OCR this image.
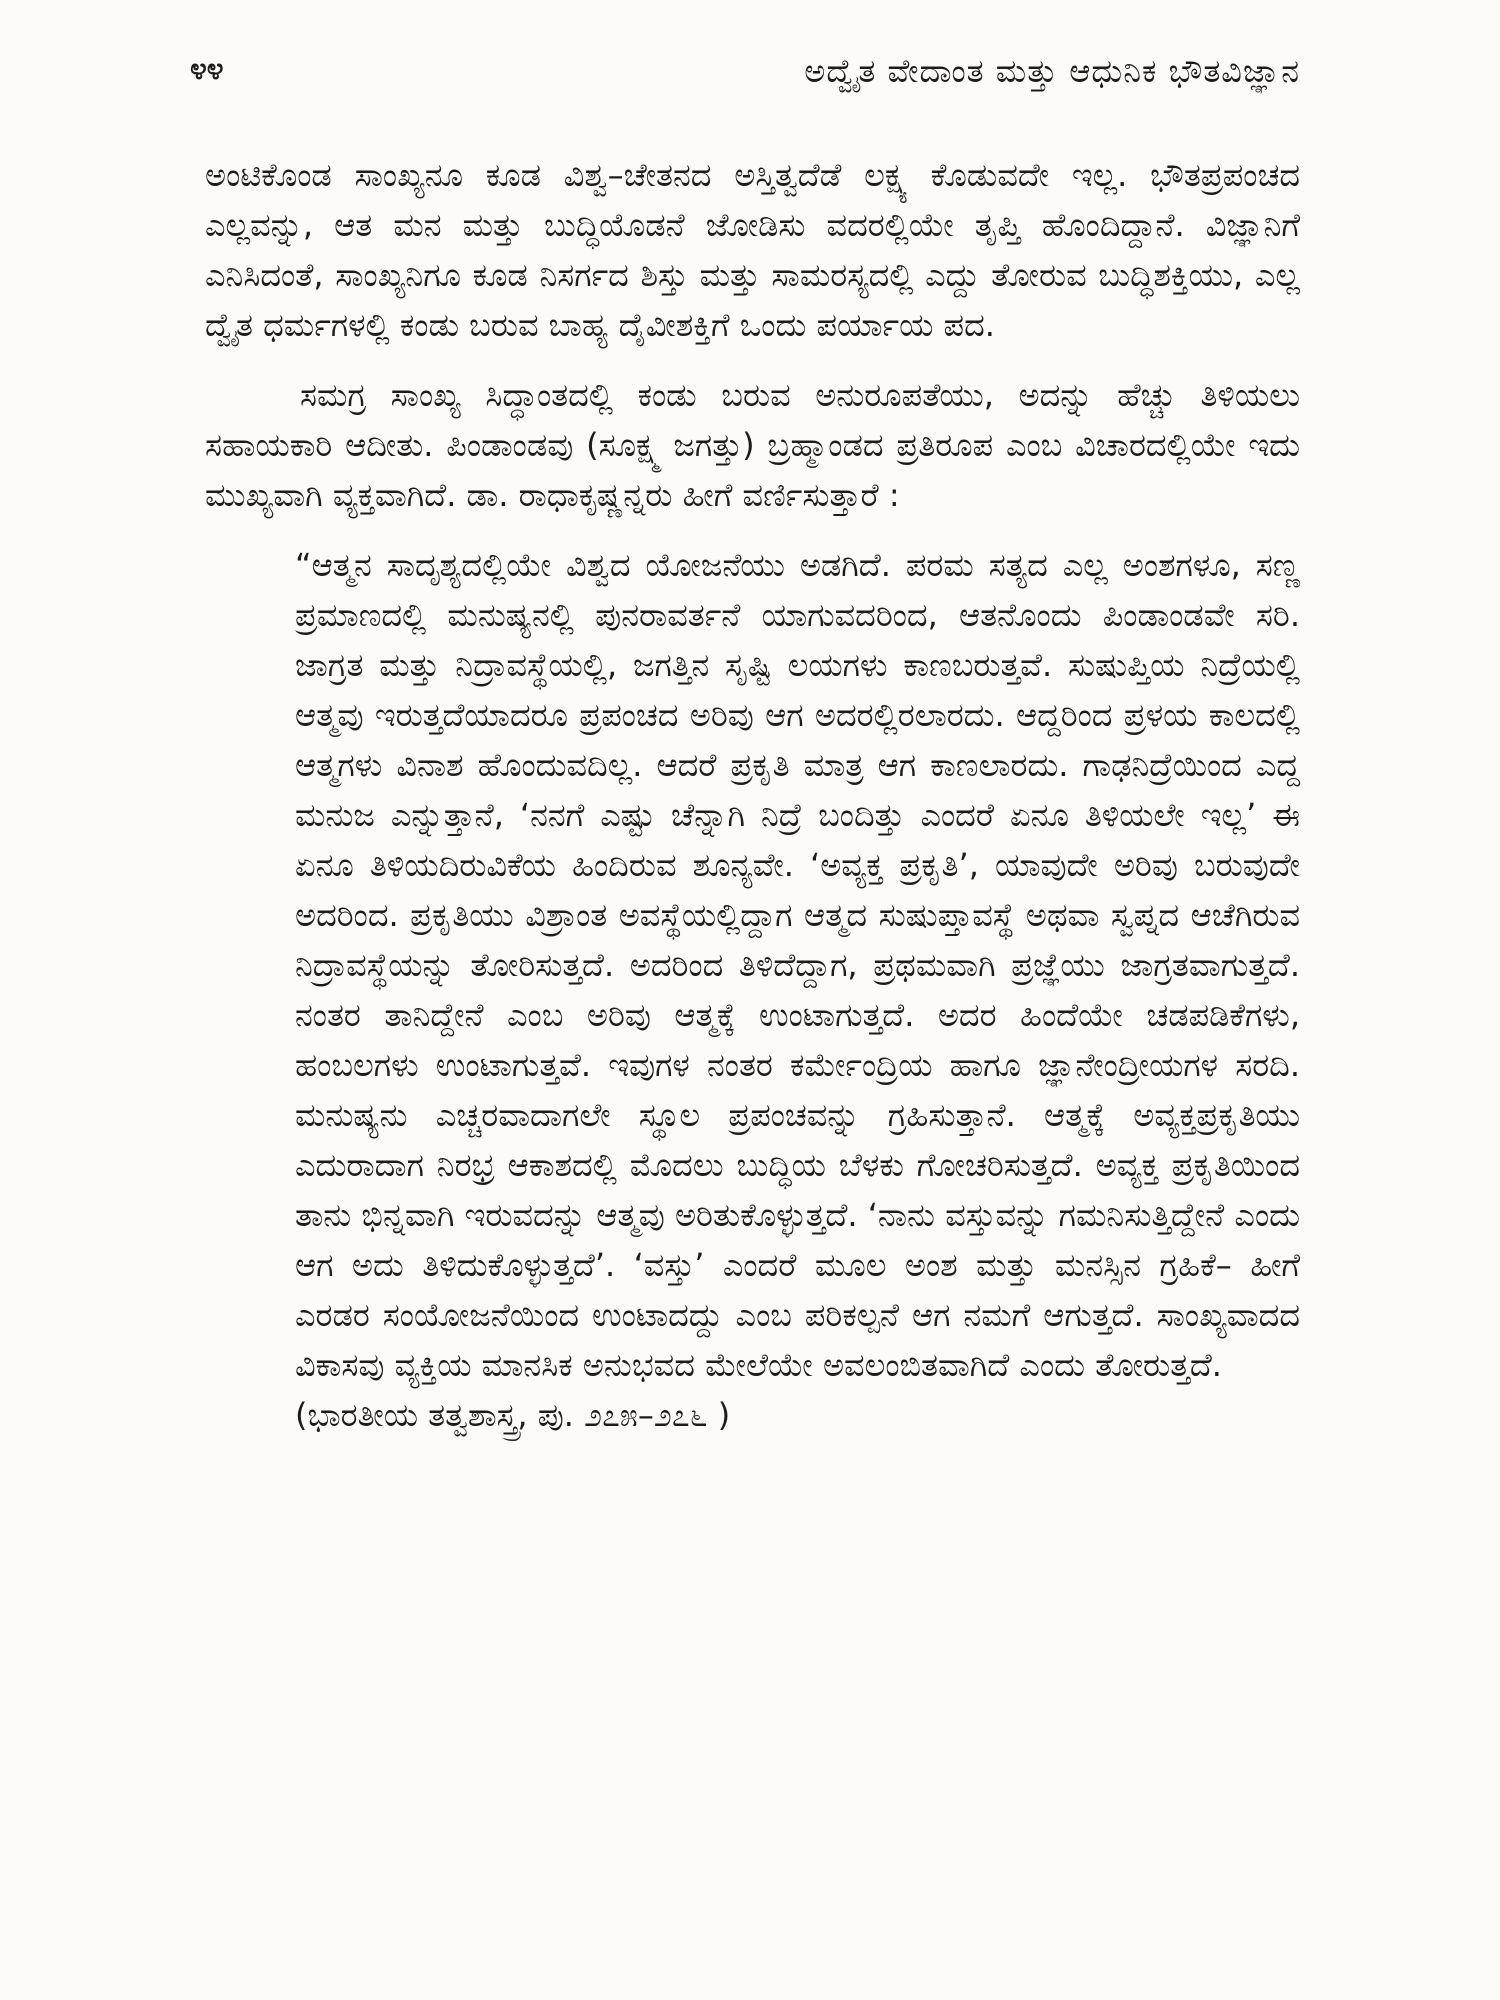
೪೪	ಅದ್ವೈತ ವೇದಾಂತ ಮತ್ತು ಆಧುನಿಕ ಭೌತವಿಜ್ಞಾನ

ಅಂಟಿಕೊಂಡ ಸಾಂಖ್ಯನೂ ಕೂಡ ವಿಶ್ವ–ಚೇತನದ ಅಸ್ತಿತ್ವದೆಡೆ ಲಕ್ಷ್ಯ ಕೊಡುವದೇ ಇಲ್ಲ. ಭೌತಪ್ರಪಂಚದ ಎಲ್ಲವನ್ನು, ಆತ ಮನ ಮತ್ತು ಬುದ್ಧಿಯೊಡನೆ ಜೋಡಿಸು ವದರಲ್ಲಿಯೇ ತೃಪ್ತಿ ಹೊಂದಿದ್ದಾನೆ. ವಿಜ್ಞಾನಿಗೆ ಎನಿಸಿದಂತೆ, ಸಾಂಖ್ಯನಿಗೂ ಕೂಡ ನಿಸರ್ಗದ ಶಿಸ್ತು ಮತ್ತು ಸಾಮರಸ್ಯದಲ್ಲಿ ಎದ್ದು ತೋರುವ ಬುದ್ಧಿಶಕ್ತಿಯು, ಎಲ್ಲ ದ್ವೈತ ಧರ್ಮಗಳಲ್ಲಿ ಕಂಡು ಬರುವ ಬಾಹ್ಯ ದೈವೀಶಕ್ತಿಗೆ ಒಂದು ಪರ್ಯಾಯ ಪದ.

ಸಮಗ್ರ ಸಾಂಖ್ಯ ಸಿದ್ಧಾಂತದಲ್ಲಿ ಕಂಡು ಬರುವ ಅನುರೂಪತೆಯು, ಅದನ್ನು ಹೆಚ್ಚು ತಿಳಿಯಲು ಸಹಾಯಕಾರಿ ಆದೀತು. ಪಿಂಡಾಂಡವು (ಸೂಕ್ಷ್ಮ ಜಗತ್ತು) ಬ್ರಹ್ಮಾಂಡದ ಪ್ರತಿರೂಪ ಎಂಬ ವಿಚಾರದಲ್ಲಿಯೇ ಇದು ಮುಖ್ಯವಾಗಿ ವ್ಯಕ್ತವಾಗಿದೆ. ಡಾ. ರಾಧಾಕೃಷ್ಣನ್ನರು ಹೀಗೆ ವರ್ಣಿಸುತ್ತಾರೆ :

“ಆತ್ಮನ ಸಾದೃಶ್ಯದಲ್ಲಿಯೇ ವಿಶ್ವದ ಯೋಜನೆಯು ಅಡಗಿದೆ. ಪರಮ ಸತ್ಯದ ಎಲ್ಲ ಅಂಶಗಳೂ, ಸಣ್ಣ ಪ್ರಮಾಣದಲ್ಲಿ ಮನುಷ್ಯನಲ್ಲಿ ಪುನರಾವರ್ತನೆ ಯಾಗುವದರಿಂದ, ಆತನೊಂದು ಪಿಂಡಾಂಡವೇ ಸರಿ. ಜಾಗ್ರತ ಮತ್ತು ನಿದ್ರಾವಸ್ಥೆಯಲ್ಲಿ, ಜಗತ್ತಿನ ಸೃಷ್ಟಿ ಲಯಗಳು ಕಾಣಬರುತ್ತವೆ. ಸುಷುಪ್ತಿಯ ನಿದ್ರೆಯಲ್ಲಿ ಆತ್ಮವು ಇರುತ್ತದೆಯಾದರೂ ಪ್ರಪಂಚದ ಅರಿವು ಆಗ ಅದರಲ್ಲಿರಲಾರದು. ಆದ್ದರಿಂದ ಪ್ರಳಯ ಕಾಲದಲ್ಲಿ ಆತ್ಮಗಳು ವಿನಾಶ ಹೊಂದುವದಿಲ್ಲ. ಆದರೆ ಪ್ರಕೃತಿ ಮಾತ್ರ ಆಗ ಕಾಣಲಾರದು. ಗಾಢನಿದ್ರೆಯಿಂದ ಎದ್ದ ಮನುಜ ಎನ್ನುತ್ತಾನೆ, ‘ನನಗೆ ಎಷ್ಟು ಚೆನ್ನಾಗಿ ನಿದ್ರೆ ಬಂದಿತ್ತು ಎಂದರೆ ಏನೂ ತಿಳಿಯಲೇ ಇಲ್ಲ’ ಈ ಏನೂ ತಿಳಿಯದಿರುವಿಕೆಯ ಹಿಂದಿರುವ ಶೂನ್ಯವೇ. ‘ಅವ್ಯಕ್ತ ಪ್ರಕೃತಿ’, ಯಾವುದೇ ಅರಿವು ಬರುವುದೇ ಅದರಿಂದ. ಪ್ರಕೃತಿಯು ವಿಶ್ರಾಂತ ಅವಸ್ಥೆಯಲ್ಲಿದ್ದಾಗ ಆತ್ಮದ ಸುಷುಪ್ತಾವಸ್ಥೆ ಅಥವಾ ಸ್ವಪ್ನದ ಆಚೆಗಿರುವ ನಿದ್ರಾವಸ್ಥೆಯನ್ನು ತೋರಿಸುತ್ತದೆ. ಅದರಿಂದ ತಿಳಿದೆದ್ದಾಗ, ಪ್ರಥಮವಾಗಿ ಪ್ರಜ್ಞೆಯು ಜಾಗ್ರತವಾಗುತ್ತದೆ. ನಂತರ ತಾನಿದ್ದೇನೆ ಎಂಬ ಅರಿವು ಆತ್ಮಕ್ಕೆ ಉಂಟಾಗುತ್ತದೆ. ಅದರ ಹಿಂದೆಯೇ ಚಡಪಡಿಕೆಗಳು, ಹಂಬಲಗಳು ಉಂಟಾಗುತ್ತವೆ. ಇವುಗಳ ನಂತರ ಕರ್ಮೇಂದ್ರಿಯ ಹಾಗೂ ಜ್ಞಾನೇಂದ್ರೀಯಗಳ ಸರದಿ. ಮನುಷ್ಯನು ಎಚ್ಚರವಾದಾಗಲೇ ಸ್ಥೂಲ ಪ್ರಪಂಚವನ್ನು ಗ್ರಹಿಸುತ್ತಾನೆ. ಆತ್ಮಕ್ಕೆ ಅವ್ಯಕ್ತಪ್ರಕೃತಿಯು ಎದುರಾದಾಗ ನಿರಭ್ರ ಆಕಾಶದಲ್ಲಿ ಮೊದಲು ಬುದ್ಧಿಯ ಬೆಳಕು ಗೋಚರಿಸುತ್ತದೆ. ಅವ್ಯಕ್ತ ಪ್ರಕೃತಿಯಿಂದ ತಾನು ಭಿನ್ನವಾಗಿ ಇರುವದನ್ನು ಆತ್ಮವು ಅರಿತುಕೊಳ್ಳುತ್ತದೆ. ‘ನಾನು ವಸ್ತುವನ್ನು ಗಮನಿಸುತ್ತಿದ್ದೇನೆ ಎಂದು ಆಗ ಅದು ತಿಳಿದುಕೊಳ್ಳುತ್ತದೆ’. ‘ವಸ್ತು’ ಎಂದರೆ ಮೂಲ ಅಂಶ ಮತ್ತು ಮನಸ್ಸಿನ ಗ್ರಹಿಕೆ– ಹೀಗೆ ಎರಡರ ಸಂಯೋಜನೆಯಿಂದ ಉಂಟಾದದ್ದು ಎಂಬ ಪರಿಕಲ್ಪನೆ ಆಗ ನಮಗೆ ಆಗುತ್ತದೆ. ಸಾಂಖ್ಯವಾದದ ವಿಕಾಸವು ವ್ಯಕ್ತಿಯ ಮಾನಸಿಕ ಅನುಭವದ ಮೇಲೆಯೇ ಅವಲಂಬಿತವಾಗಿದೆ ಎಂದು ತೋರುತ್ತದೆ.

(ಭಾರತೀಯ ತತ್ವಶಾಸ್ತ್ರ, ಪು. ೨೭೫–೨೭೬ )
